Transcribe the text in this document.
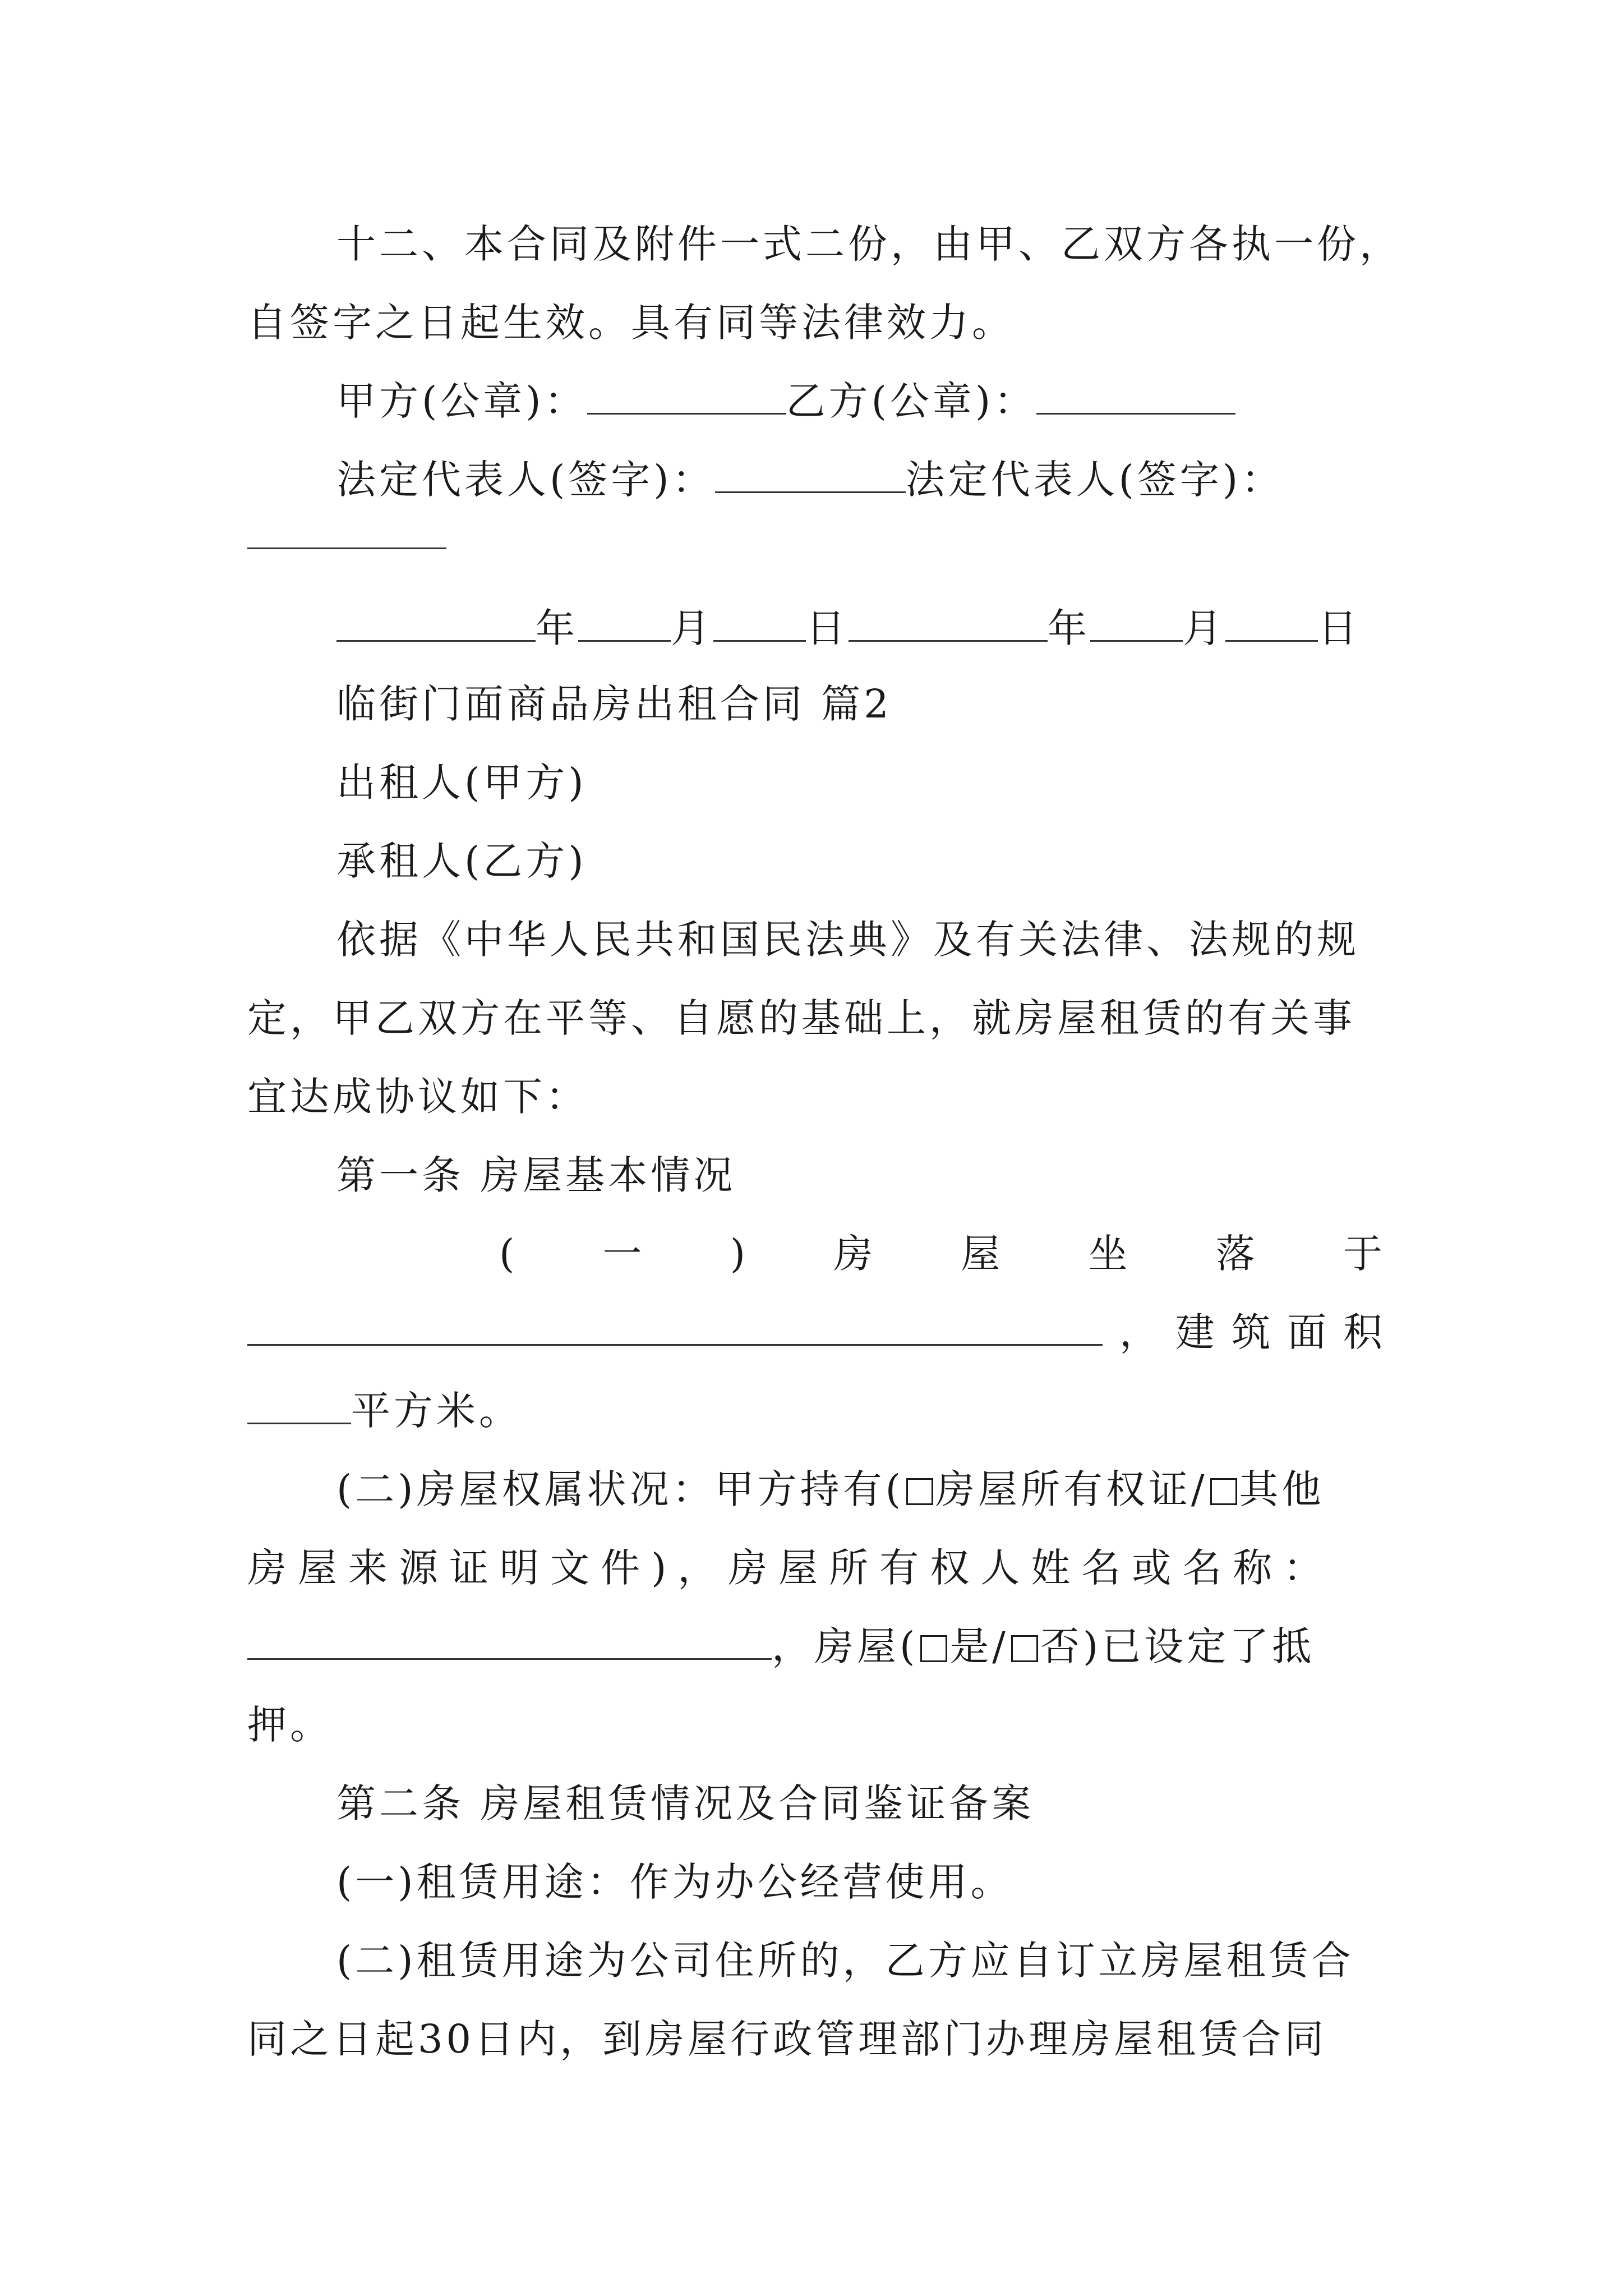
十二、本合同及附件一式二份，由甲、乙双方各执一份，
自签字之日起生效。具有同等法律效力。
甲方(公章)：	乙方(公章)：
法定代表人(签字)：	法定代表人(签字)：
年 月 日	年 月 日
临街门面商品房出租合同 篇2
出租人(甲方)
承租人(乙方)
依据《中华人民共和国民法典》及有关法律、法规的规
定，甲乙双方在平等、自愿的基础上，就房屋租赁的有关事
宜达成协议如下：
第一条 房屋基本情况
( 一 ) 房 屋 坐 落 于
， 建 筑 面 积
平方米。
(二)房屋权属状况：甲方持有( 房屋所有权证/ 其他
房屋来源证明文件)，房屋所有权人姓名或名称：
，房屋( 是/ 否)已设定了抵
押。
第二条 房屋租赁情况及合同鉴证备案
(一)租赁用途：作为办公经营使用。
(二)租赁用途为公司住所的，乙方应自订立房屋租赁合
同之日起30日内，到房屋行政管理部门办理房屋租赁合同
